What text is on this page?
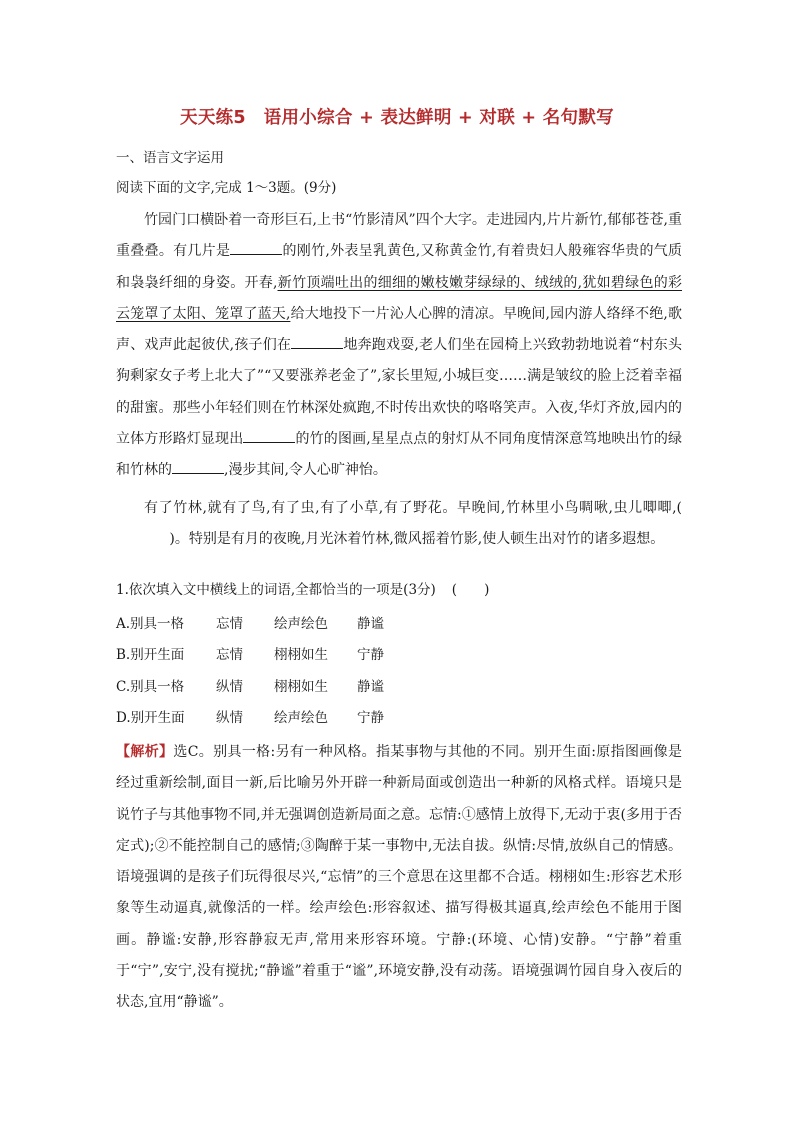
天天练5　语用小综合 + 表达鲜明 + 对联 + 名句默写
一、语言文字运用
阅读下面的文字,完成 1～3题。(9分)

竹园门口横卧着一奇形巨石,上书“竹影清风”四个大字。走进园内,片片新竹,郁郁苍苍,重重叠叠。有几片是	的刚竹,外表呈乳黄色,又称黄金竹,有着贵妇人般雍容华贵的气质和袅袅纤细的身姿。开春,新竹顶端吐出的细细的嫩枝嫩芽绿绿的、绒绒的,犹如碧绿色的彩云笼罩了太阳、笼罩了蓝天,给大地投下一片沁人心脾的清凉。早晚间,园内游人络绎不绝,歌声、戏声此起彼伏,孩子们在	地奔跑戏耍,老人们坐在园椅上兴致勃勃地说着“村东头狗剩家女子考上北大了”“又要涨养老金了”,家长里短,小城巨变……满是皱纹的脸上泛着幸福的甜蜜。那些小年轻们则在竹林深处疯跑,不时传出欢快的咯咯笑声。入夜,华灯齐放,园内的立体方形路灯显现出	的竹的图画,星星点点的射灯从不同角度情深意笃地映出竹的绿和竹林的	,漫步其间,令人心旷神怡。

有了竹林,就有了鸟,有了虫,有了小草,有了野花。早晚间,竹林里小鸟啁啾,虫儿唧唧,(            )。特别是有月的夜晚,月光沐着竹林,微风摇着竹影,使人顿生出对竹的诸多遐想。

1.依次填入文中横线上的词语,全都恰当的一项是(3分) (　　)
A.别具一格 忘情 绘声绘色 静谧
B.别开生面 忘情 栩栩如生 宁静
C.别具一格 纵情 栩栩如生 静谧
D.别开生面 纵情 绘声绘色 宁静

【解析】选C。别具一格:另有一种风格。指某事物与其他的不同。别开生面:原指图画像是经过重新绘制,面目一新,后比喻另外开辟一种新局面或创造出一种新的风格式样。语境只是说竹子与其他事物不同,并无强调创造新局面之意。忘情:①感情上放得下,无动于衷(多用于否定式);②不能控制自己的感情;③陶醉于某一事物中,无法自拔。纵情:尽情,放纵自己的情感。语境强调的是孩子们玩得很尽兴,“忘情”的三个意思在这里都不合适。栩栩如生:形容艺术形象等生动逼真,就像活的一样。绘声绘色:形容叙述、描写得极其逼真,绘声绘色不能用于图画。静谧:安静,形容静寂无声,常用来形容环境。宁静:(环境、心情)安静。“宁静”着重于“宁”,安宁,没有搅扰;“静谧”着重于“谧”,环境安静,没有动荡。语境强调竹园自身入夜后的状态,宜用“静谧”。
